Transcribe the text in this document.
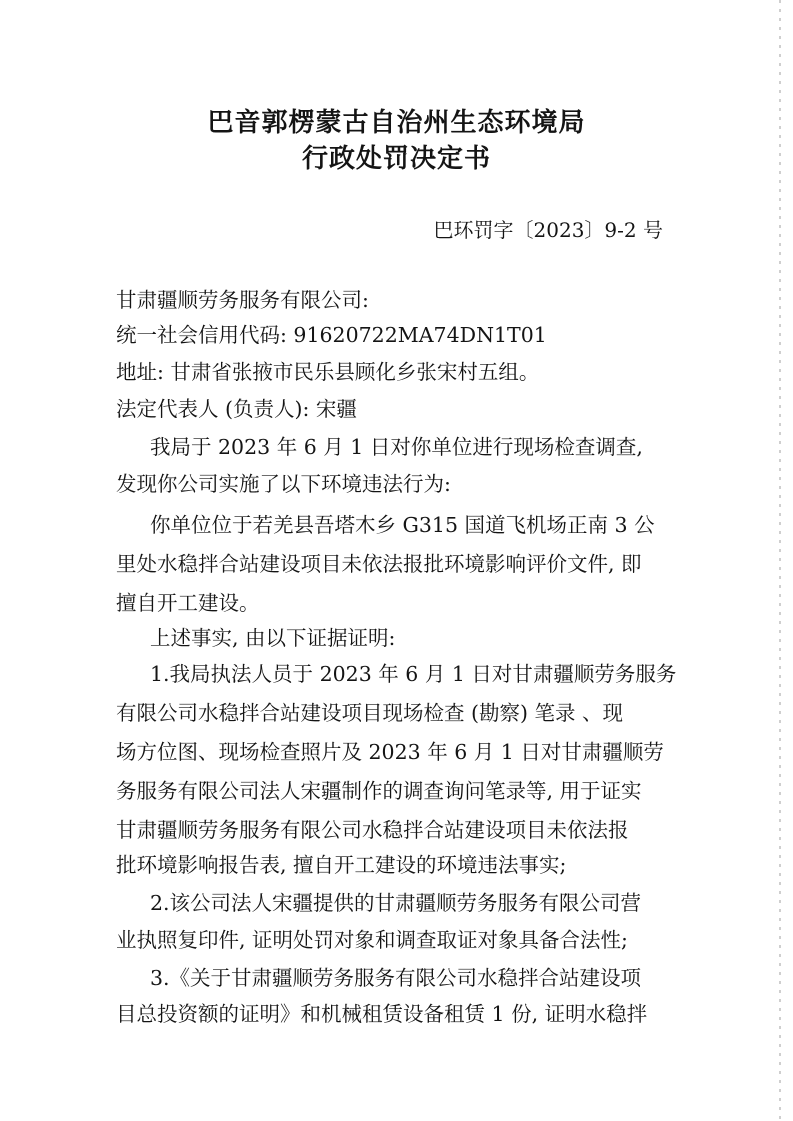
巴音郭楞蒙古自治州生态环境局
行政处罚决定书
巴环罚字〔2023〕9-2 号
甘肃疆顺劳务服务有限公司:
统一社会信用代码: 91620722MA74DN1T01
地址: 甘肃省张掖市民乐县顾化乡张宋村五组。
法定代表人 (负责人): 宋疆
我局于 2023 年 6 月 1 日对你单位进行现场检查调查,
发现你公司实施了以下环境违法行为:
你单位位于若羌县吾塔木乡 G315 国道飞机场正南 3 公
里处水稳拌合站建设项目未依法报批环境影响评价文件, 即
擅自开工建设。
上述事实, 由以下证据证明:
1.我局执法人员于 2023 年 6 月 1 日对甘肃疆顺劳务服务
有限公司水稳拌合站建设项目现场检查 (勘察) 笔录 、现
场方位图、现场检查照片及 2023 年 6 月 1 日对甘肃疆顺劳
务服务有限公司法人宋疆制作的调查询问笔录等, 用于证实
甘肃疆顺劳务服务有限公司水稳拌合站建设项目未依法报
批环境影响报告表, 擅自开工建设的环境违法事实;
2.该公司法人宋疆提供的甘肃疆顺劳务服务有限公司营
业执照复印件, 证明处罚对象和调查取证对象具备合法性;
3.《关于甘肃疆顺劳务服务有限公司水稳拌合站建设项
目总投资额的证明》和机械租赁设备租赁 1 份, 证明水稳拌
